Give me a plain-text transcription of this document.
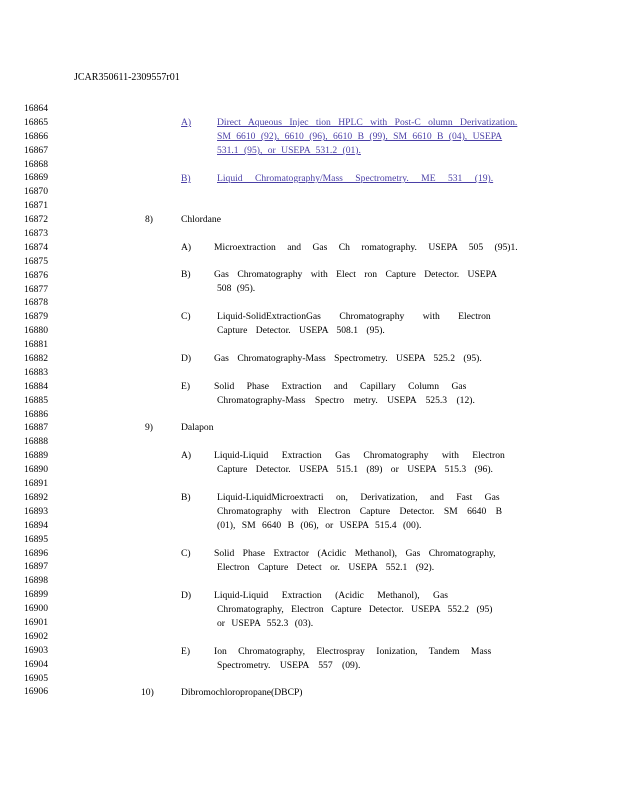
JCAR350611-2309557r01
16864
16865
16866
16867
16868
16869
16870
16871
16872
16873
16874
16875
16876
16877
16878
16879
16880
16881
16882
16883
16884
16885
16886
16887
16888
16889
16890
16891
16892
16893
16894
16895
16896
16897
16898
16899
16900
16901
16902
16903
16904
16905
16906
A)	Direct Aqueous Injec tion HPLC with Post-C olumn Derivatization.
SM 6610 (92), 6610 (96), 6610 B (99), SM 6610 B (04), USEPA
531.1 (95), or USEPA 531.2 (01).
B)	Liquid Chromatography/Mass Spectrometry. ME 531 (19).
8)	Chlordane
A) Microextraction and Gas Ch romatography. USEPA 505 (95)1.
B) Gas Chromatography with Elect ron Capture Detector. USEPA
508 (95).
C)	Liquid-SolidExtractionGas Chromatography with Electron
Capture Detector. USEPA 508.1 (95).
D) Gas Chromatography-Mass Spectrometry. USEPA 525.2 (95).
E) Solid Phase Extraction and Capillary Column Gas
Chromatography-Mass Spectro metry. USEPA 525.3 (12).
9)	Dalapon
A) Liquid-Liquid Extraction Gas Chromatography with Electron
Capture Detector. USEPA 515.1 (89) or USEPA 515.3 (96).
B)	Liquid-LiquidMicroextracti on, Derivatization, and Fast Gas
Chromatography with Electron Capture Detector. SM 6640 B
(01), SM 6640 B (06), or USEPA 515.4 (00).
C) Solid Phase Extractor (Acidic Methanol), Gas Chromatography,
Electron Capture Detect or. USEPA 552.1 (92).
D) Liquid-Liquid Extraction (Acidic Methanol), Gas
Chromatography, Electron Capture Detector. USEPA 552.2 (95)
or USEPA 552.3 (03).
E) Ion Chromatography, Electrospray Ionization, Tandem Mass
Spectrometry. USEPA 557 (09).
10)	Dibromochloropropane(DBCP)
